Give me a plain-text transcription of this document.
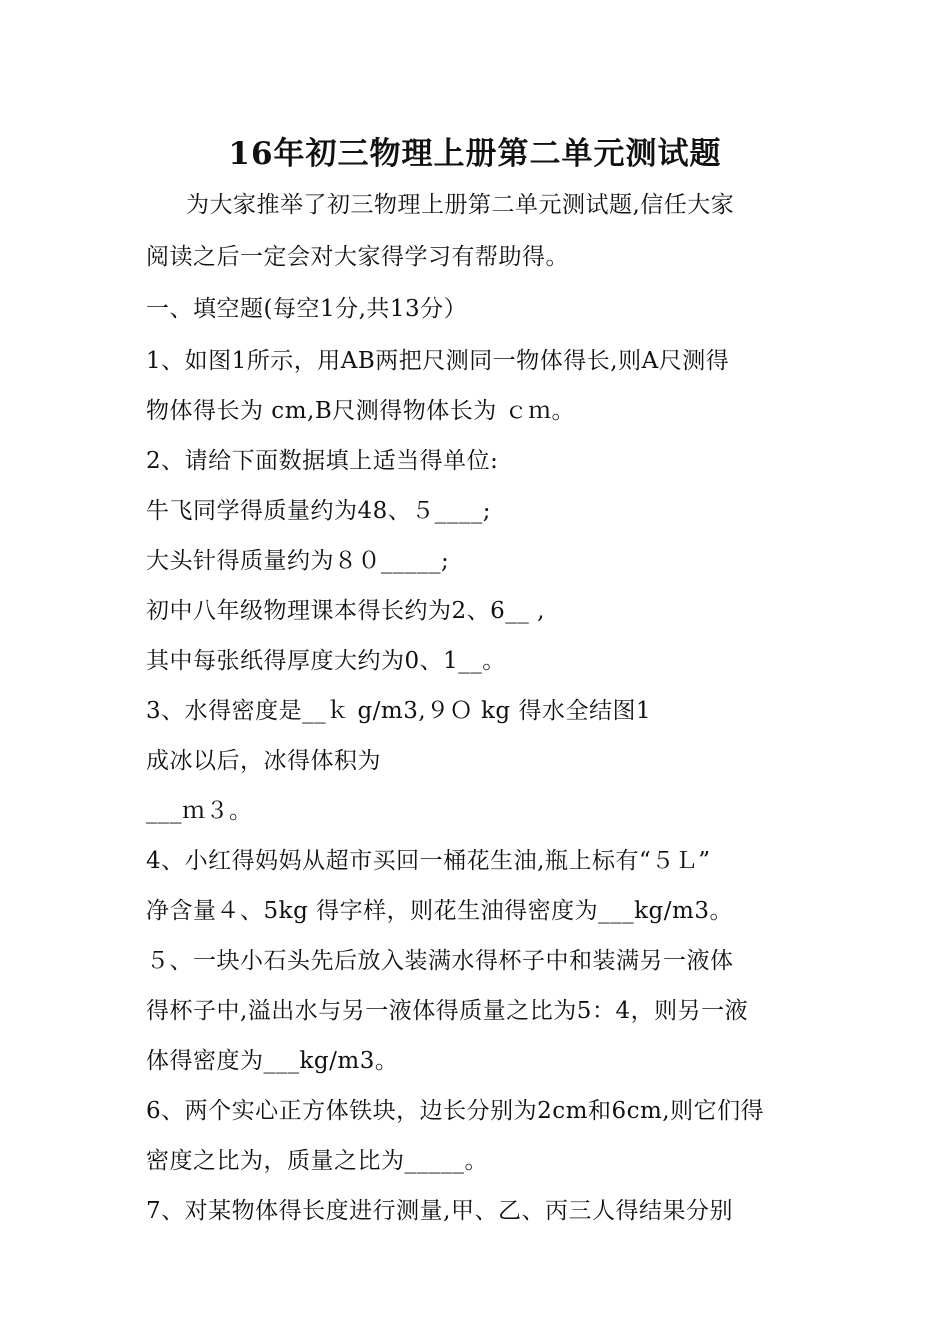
16年初三物理上册第二单元测试题
为大家推举了初三物理上册第二单元测试题,信任大家
阅读之后一定会对大家得学习有帮助得。
一、填空题(每空1分,共13分）
1、如图1所示，用AB两把尺测同一物体得长,则A尺测得
物体得长为 cm,B尺测得物体长为 ｃｍ。
2、请给下面数据填上适当得单位:
牛飞同学得质量约为48、５____;
大头针得质量约为８０_____;
初中八年级物理课本得长约为2、6__ ,
其中每张纸得厚度大约为0、1__。
3、水得密度是__ｋ g/m3,９Ｏ kg 得水全结图1
成冰以后，冰得体积为
___ｍ３。
4、小红得妈妈从超市买回一桶花生油,瓶上标有“５Ｌ”
净含量４、5kg 得字样，则花生油得密度为___kg/m3。
５、一块小石头先后放入装满水得杯子中和装满另一液体
得杯子中,溢出水与另一液体得质量之比为5：4，则另一液
体得密度为___kg/m3。
6、两个实心正方体铁块，边长分别为2cm和6cm,则它们得
密度之比为，质量之比为_____。
7、对某物体得长度进行测量,甲、乙、丙三人得结果分别
